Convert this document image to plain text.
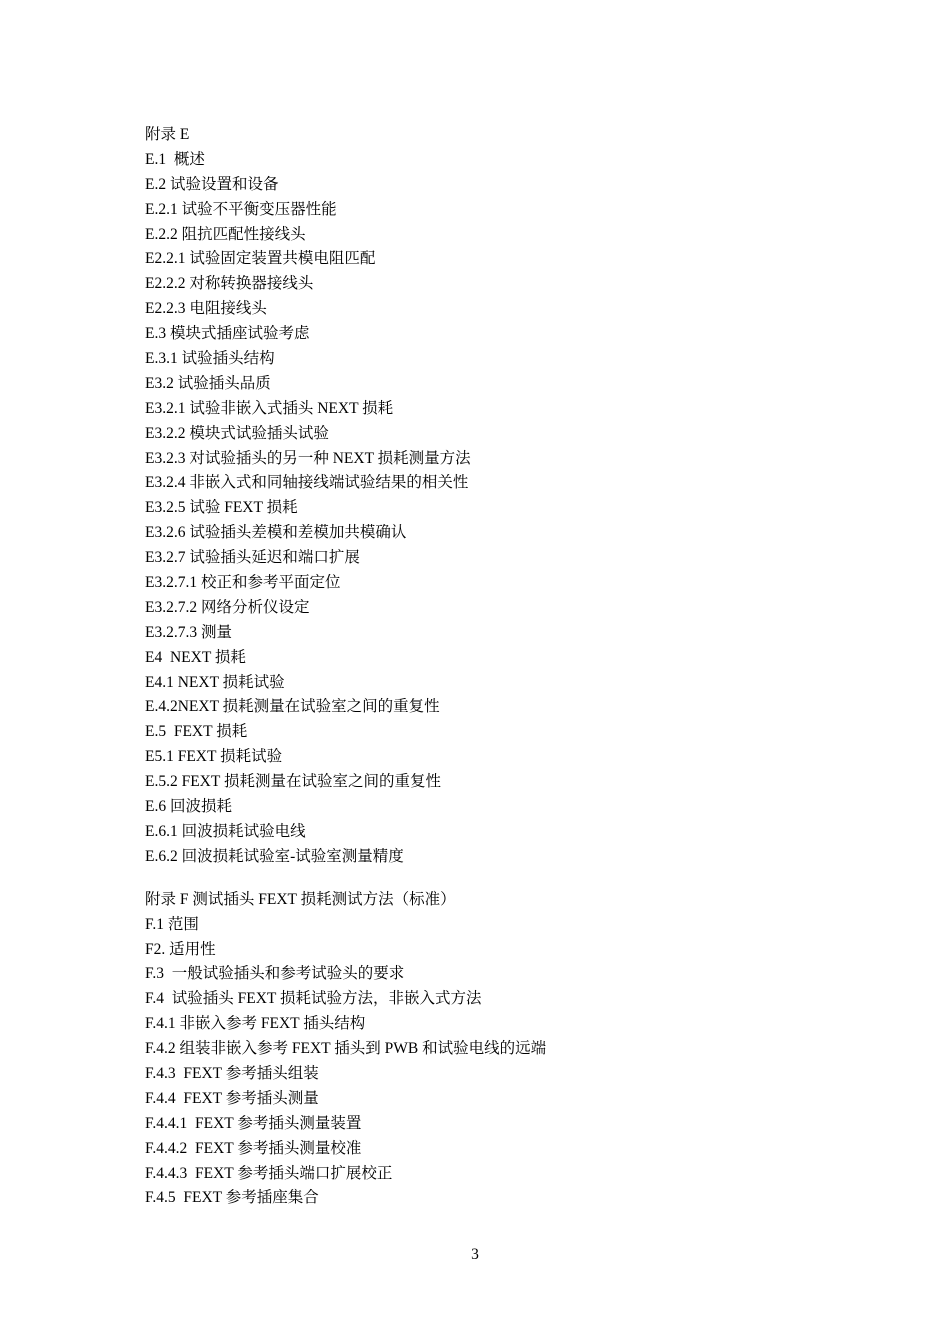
附录 E
E.1  概述
E.2 试验设置和设备
E.2.1 试验不平衡变压器性能
E.2.2 阻抗匹配性接线头
E2.2.1 试验固定装置共模电阻匹配
E2.2.2 对称转换器接线头
E2.2.3 电阻接线头
E.3 模块式插座试验考虑
E.3.1 试验插头结构
E3.2 试验插头品质
E3.2.1 试验非嵌入式插头 NEXT 损耗
E3.2.2 模块式试验插头试验
E3.2.3 对试验插头的另一种 NEXT 损耗测量方法
E3.2.4 非嵌入式和同轴接线端试验结果的相关性
E3.2.5 试验 FEXT 损耗
E3.2.6 试验插头差模和差模加共模确认
E3.2.7 试验插头延迟和端口扩展
E3.2.7.1 校正和参考平面定位
E3.2.7.2 网络分析仪设定
E3.2.7.3 测量
E4  NEXT 损耗
E4.1 NEXT 损耗试验
E.4.2NEXT 损耗测量在试验室之间的重复性
E.5  FEXT 损耗
E5.1 FEXT 损耗试验
E.5.2 FEXT 损耗测量在试验室之间的重复性
E.6 回波损耗
E.6.1 回波损耗试验电线
E.6.2 回波损耗试验室-试验室测量精度
附录 F 测试插头 FEXT 损耗测试方法（标准）
F.1 范围
F2. 适用性
F.3  一般试验插头和参考试验头的要求
F.4  试验插头 FEXT 损耗试验方法，非嵌入式方法
F.4.1 非嵌入参考 FEXT 插头结构
F.4.2 组装非嵌入参考 FEXT 插头到 PWB 和试验电线的远端
F.4.3  FEXT 参考插头组装
F.4.4  FEXT 参考插头测量
F.4.4.1  FEXT 参考插头测量装置
F.4.4.2  FEXT 参考插头测量校准
F.4.4.3  FEXT 参考插头端口扩展校正
F.4.5  FEXT 参考插座集合
3
